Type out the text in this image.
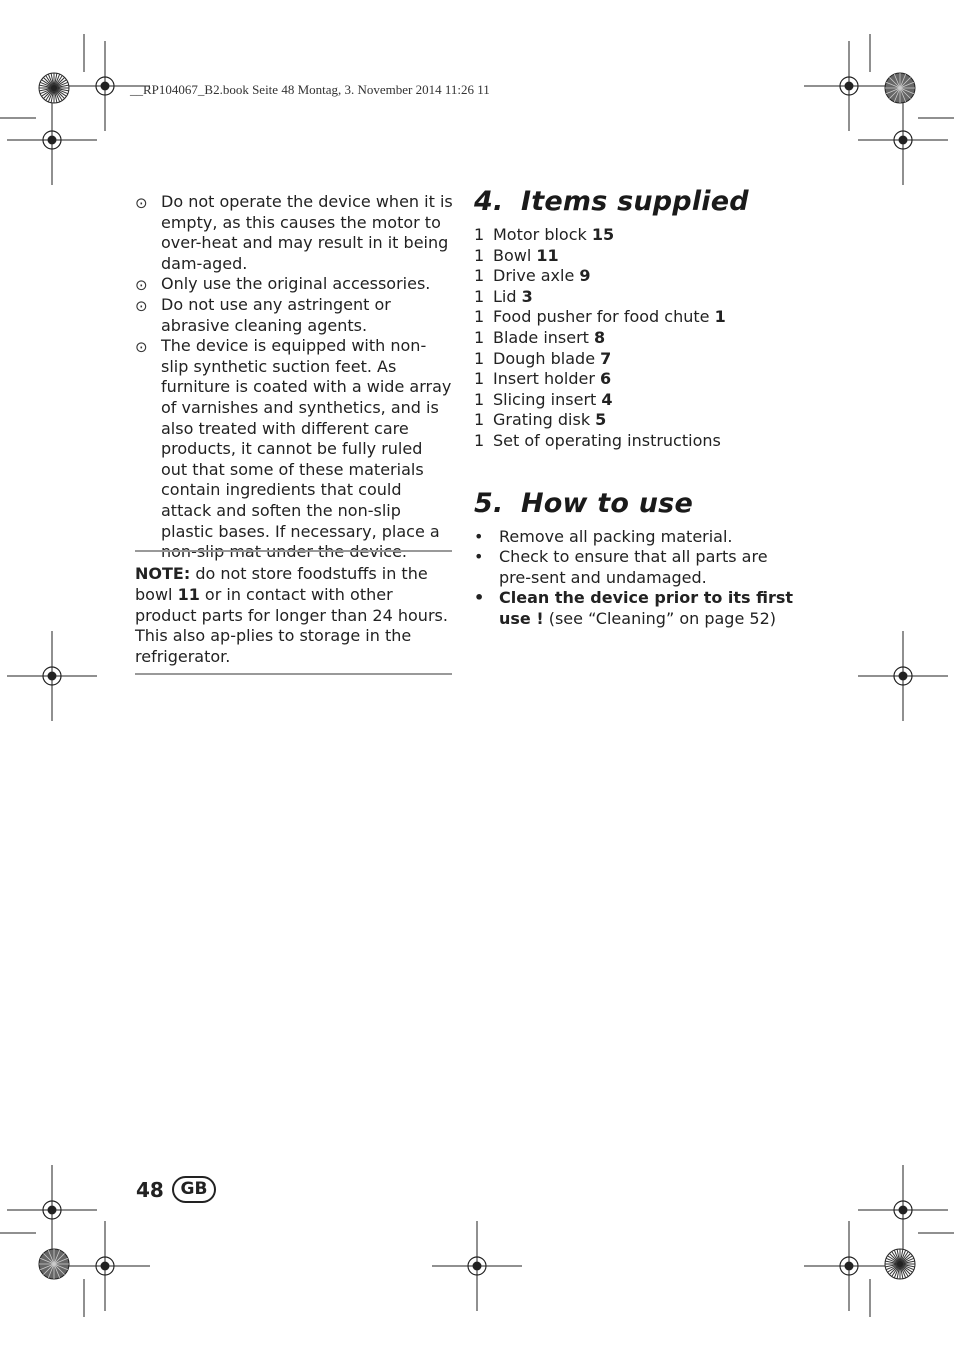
__RP104067_B2.book Seite 48 Montag, 3. November 2014 11:26 11
⊙ Do not operate the device when it is empty, as this causes the motor to over-heat and may result in it being dam-aged.
⊙ Only use the original accessories.
⊙ Do not use any astringent or abrasive cleaning agents.
⊙ The device is equipped with non-slip synthetic suction feet. As furniture is coated with a wide array of varnishes and synthetics, and is also treated with different care products, it cannot be fully ruled out that some of these materials contain ingredients that could attack and soften the non-slip plastic bases. If necessary, place a non-slip mat under the device.
NOTE: do not store foodstuffs in the bowl 11 or in contact with other product parts for longer than 24 hours. This also ap-plies to storage in the refrigerator.
4. Items supplied
1 Motor block 15
1 Bowl 11
1 Drive axle 9
1 Lid 3
1 Food pusher for food chute 1
1 Blade insert 8
1 Dough blade 7
1 Insert holder 6
1 Slicing insert 4
1 Grating disk 5
1 Set of operating instructions
5. How to use
• Remove all packing material.
• Check to ensure that all parts are pre-sent and undamaged.
• Clean the device prior to its first use ! (see “Cleaning” on page 52)
48 GB
